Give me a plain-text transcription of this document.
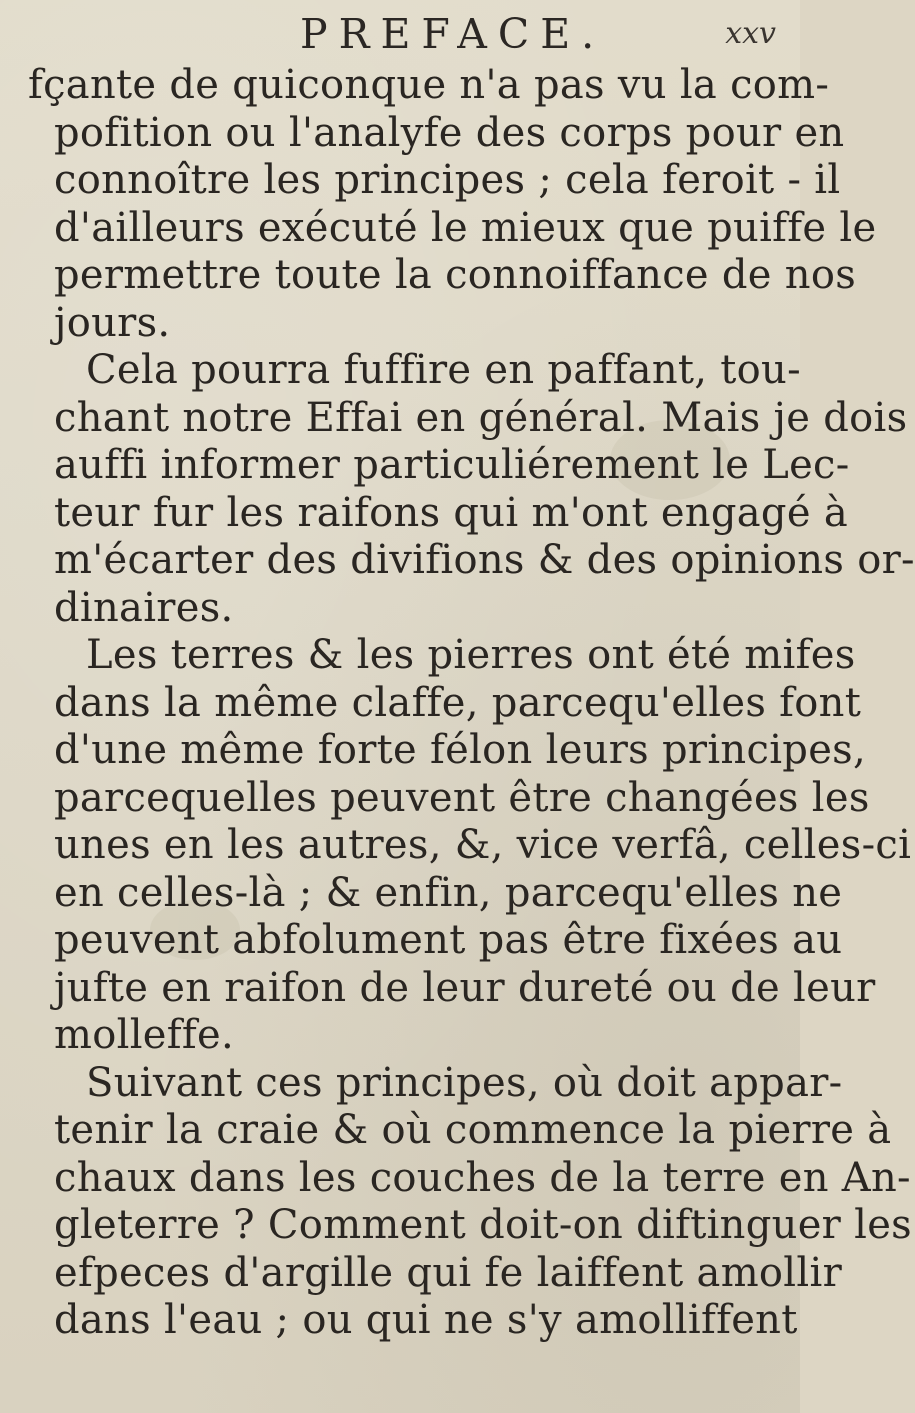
PREFACE.	xxv
fçante de quiconque n'a pas vu la com-
pofition ou l'analyfe des corps pour en
connoître les principes ; cela feroit - il
d'ailleurs exécuté le mieux que puiffe le
permettre toute la connoiffance de nos
jours.
Cela pourra fuffire en paffant, tou-
chant notre Effai en général. Mais je dois
auffi informer particuliérement le Lec-
teur fur les raifons qui m'ont engagé à
m'écarter des divifions & des opinions or-
dinaires.
Les terres & les pierres ont été mifes
dans la même claffe, parcequ'elles font
d'une même forte félon leurs principes,
parcequelles peuvent être changées les
unes en les autres, &, vice verfâ, celles-ci
en celles-là ; & enfin, parcequ'elles ne
peuvent abfolument pas être fixées au
jufte en raifon de leur dureté ou de leur
molleffe.
Suivant ces principes, où doit appar-
tenir la craie & où commence la pierre à
chaux dans les couches de la terre en An-
gleterre ? Comment doit-on diftinguer les
efpeces d'argille qui fe laiffent amollir
dans l'eau ; ou qui ne s'y amolliffent
